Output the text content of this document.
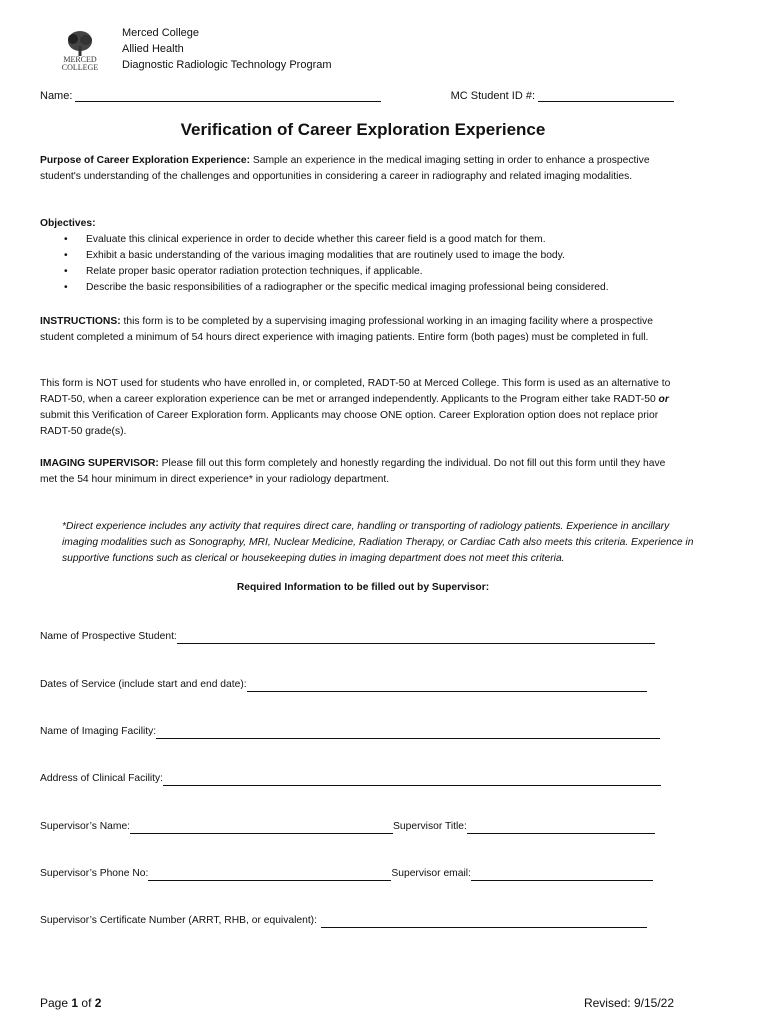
MERCED COLLEGE
Merced College
Allied Health
Diagnostic Radiologic Technology Program
Name:	MC Student ID #:
Verification of Career Exploration Experience
Purpose of Career Exploration Experience: Sample an experience in the medical imaging setting in order to enhance a prospective student's understanding of the challenges and opportunities in considering a career in radiography and related imaging modalities.
Objectives:
• Evaluate this clinical experience in order to decide whether this career field is a good match for them.
• Exhibit a basic understanding of the various imaging modalities that are routinely used to image the body.
• Relate proper basic operator radiation protection techniques, if applicable.
• Describe the basic responsibilities of a radiographer or the specific medical imaging professional being considered.
INSTRUCTIONS: this form is to be completed by a supervising imaging professional working in an imaging facility where a prospective student completed a minimum of 54 hours direct experience with imaging patients. Entire form (both pages) must be completed in full.
This form is NOT used for students who have enrolled in, or completed, RADT-50 at Merced College. This form is used as an alternative to RADT-50, when a career exploration experience can be met or arranged independently. Applicants to the Program either take RADT-50 or submit this Verification of Career Exploration form. Applicants may choose ONE option. Career Exploration option does not replace prior RADT-50 grade(s).
IMAGING SUPERVISOR: Please fill out this form completely and honestly regarding the individual. Do not fill out this form until they have met the 54 hour minimum in direct experience* in your radiology department.
*Direct experience includes any activity that requires direct care, handling or transporting of radiology patients. Experience in ancillary imaging modalities such as Sonography, MRI, Nuclear Medicine, Radiation Therapy, or Cardiac Cath also meets this criteria. Experience in supportive functions such as clerical or housekeeping duties in imaging department does not meet this criteria.
Required Information to be filled out by Supervisor:
Name of Prospective Student:
Dates of Service (include start and end date):
Name of Imaging Facility:
Address of Clinical Facility:
Supervisor’s Name:	Supervisor Title:
Supervisor’s Phone No:	Supervisor email:
Supervisor’s Certificate Number (ARRT, RHB, or equivalent):
Page 1 of 2	Revised: 9/15/22
